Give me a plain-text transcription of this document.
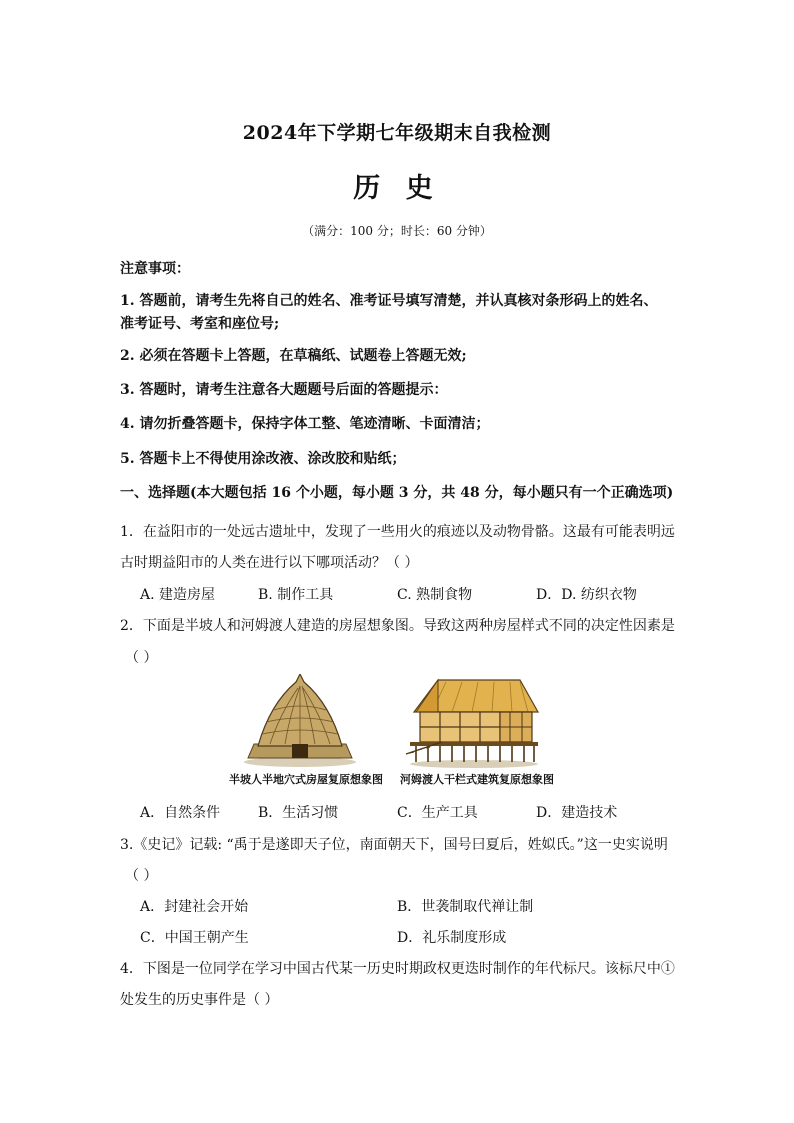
2024年下学期七年级期末自我检测
历 史
（满分：100 分；时长：60 分钟）
注意事项：
1. 答题前，请考生先将自己的姓名、准考证号填写清楚，并认真核对条形码上的姓名、
准考证号、考室和座位号;
2. 必须在答题卡上答题，在草稿纸、试题卷上答题无效;
3. 答题时，请考生注意各大题题号后面的答题提示：
4. 请勿折叠答题卡，保持字体工整、笔迹清晰、卡面清洁；
5. 答题卡上不得使用涂改液、涂改胶和贴纸；
一、选择题(本大题包括 16 个小题，每小题 3 分，共 48 分，每小题只有一个正确选项)
1．在益阳市的一处远古遗址中，发现了一些用火的痕迹以及动物骨骼。这最有可能表明远
古时期益阳市的人类在进行以下哪项活动？（ ）
A. 建造房屋	B. 制作工具	C. 熟制食物	D．D. 纺织衣物
2．下面是半坡人和河姆渡人建造的房屋想象图。导致这两种房屋样式不同的决定性因素是
（ ）
半坡人半地穴式房屋复原想象图 河姆渡人干栏式建筑复原想象图
A．自然条件	B．生活习惯	C．生产工具	D．建造技术
3.《史记》记载: “禹于是遂即天子位，南面朝天下，国号曰夏后，姓姒氏。”这一史实说明
（ ）
A．封建社会开始	B．世袭制取代禅让制
C．中国王朝产生	D．礼乐制度形成
4．下图是一位同学在学习中国古代某一历史时期政权更迭时制作的年代标尺。该标尺中①
处发生的历史事件是（ ）
